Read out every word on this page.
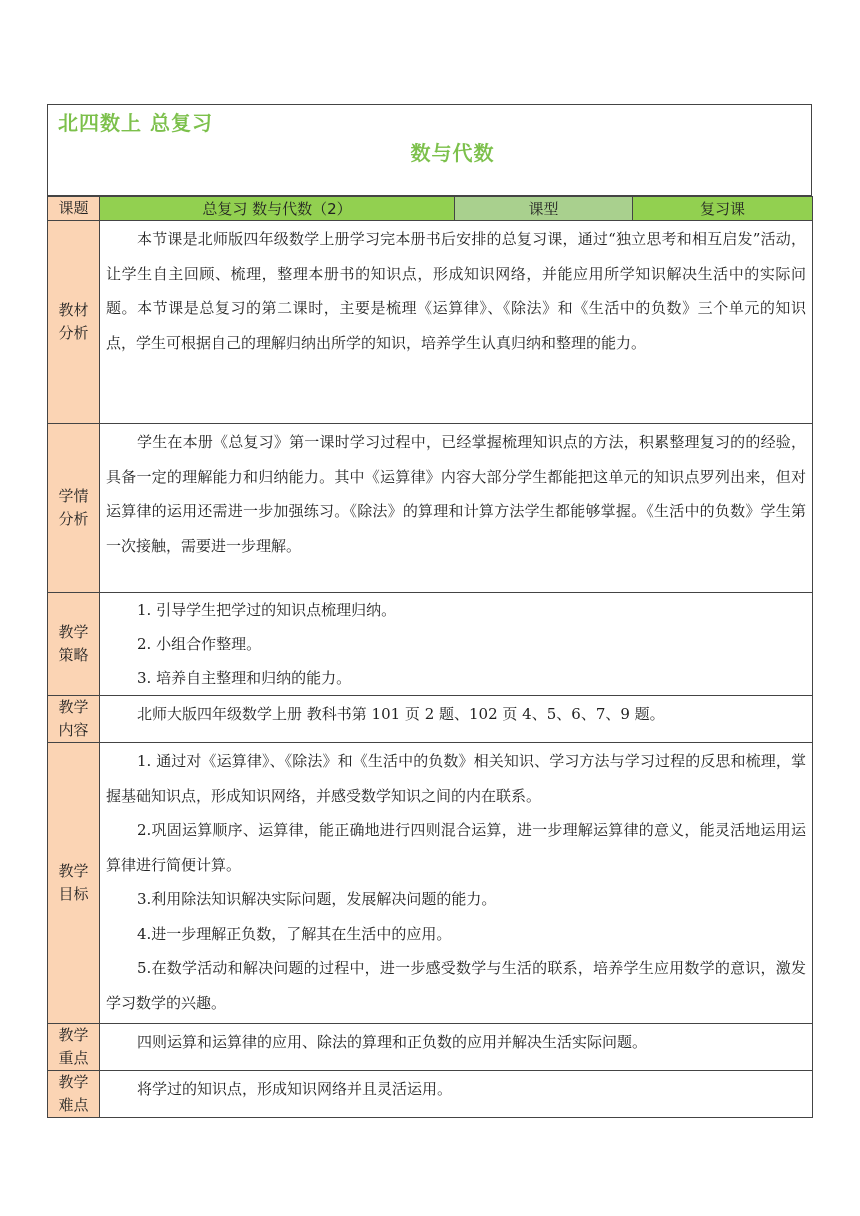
北四数上 总复习
数与代数
课题	总复习 数与代数（2）	课型	复习课
教材分析	本节课是北师版四年级数学上册学习完本册书后安排的总复习课，通过“独立思考和相互启发”活动，让学生自主回顾、梳理，整理本册书的知识点，形成知识网络，并能应用所学知识解决生活中的实际问题。本节课是总复习的第二课时，主要是梳理《运算律》、《除法》和《生活中的负数》三个单元的知识点，学生可根据自己的理解归纳出所学的知识，培养学生认真归纳和整理的能力。		

学情分析	学生在本册《总复习》第一课时学习过程中，已经掌握梳理知识点的方法，积累整理复习的的经验，具备一定的理解能力和归纳能力。其中《运算律》内容大部分学生都能把这单元的知识点罗列出来，但对运算律的运用还需进一步加强练习。《除法》的算理和计算方法学生都能够掌握。《生活中的负数》学生第一次接触，需要进一步理解。		

教学策略	1. 引导学生把学过的知识点梳理归纳。

2. 小组合作整理。

3. 培养自主整理和归纳的能力。		

教学内容	北师大版四年级数学上册 教科书第 101 页 2 题、102 页 4、5、6、7、9 题。		

教学目标	1. 通过对《运算律》、《除法》和《生活中的负数》相关知识、学习方法与学习过程的反思和梳理，掌握基础知识点，形成知识网络，并感受数学知识之间的内在联系。

2.巩固运算顺序、运算律，能正确地进行四则混合运算，进一步理解运算律的意义，能灵活地运用运算律进行简便计算。

3.利用除法知识解决实际问题，发展解决问题的能力。

4.进一步理解正负数，了解其在生活中的应用。

5.在数学活动和解决问题的过程中，进一步感受数学与生活的联系，培养学生应用数学的意识，激发学习数学的兴趣。		

教学重点	四则运算和运算律的应用、除法的算理和正负数的应用并解决生活实际问题。		

教学难点	将学过的知识点，形成知识网络并且灵活运用。		
